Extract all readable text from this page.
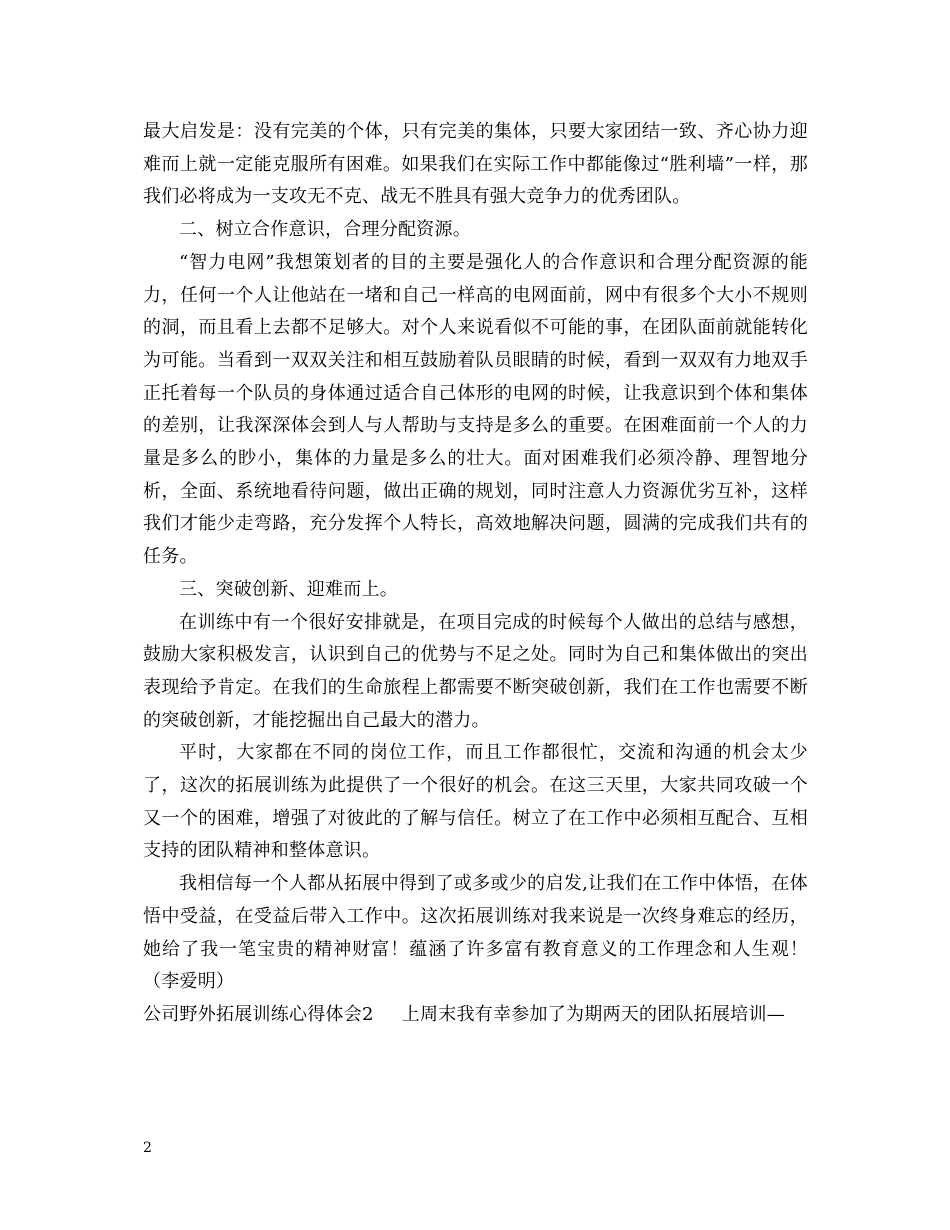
最大启发是：没有完美的个体，只有完美的集体，只要大家团结一致、齐心协力迎难而上就一定能克服所有困难。如果我们在实际工作中都能像过“胜利墙”一样，那我们必将成为一支攻无不克、战无不胜具有强大竞争力的优秀团队。

二、树立合作意识，合理分配资源。

“智力电网”我想策划者的目的主要是强化人的合作意识和合理分配资源的能力，任何一个人让他站在一堵和自己一样高的电网面前，网中有很多个大小不规则的洞，而且看上去都不足够大。对个人来说看似不可能的事，在团队面前就能转化为可能。当看到一双双关注和相互鼓励着队员眼睛的时候，看到一双双有力地双手正托着每一个队员的身体通过适合自己体形的电网的时候，让我意识到个体和集体的差别，让我深深体会到人与人帮助与支持是多么的重要。在困难面前一个人的力量是多么的眇小，集体的力量是多么的壮大。面对困难我们必须冷静、理智地分析，全面、系统地看待问题，做出正确的规划，同时注意人力资源优劣互补，这样我们才能少走弯路，充分发挥个人特长，高效地解决问题，圆满的完成我们共有的任务。

三、突破创新、迎难而上。

在训练中有一个很好安排就是，在项目完成的时候每个人做出的总结与感想，鼓励大家积极发言，认识到自己的优势与不足之处。同时为自己和集体做出的突出表现给予肯定。在我们的生命旅程上都需要不断突破创新，我们在工作也需要不断的突破创新，才能挖掘出自己最大的潜力。

平时，大家都在不同的岗位工作，而且工作都很忙，交流和沟通的机会太少了，这次的拓展训练为此提供了一个很好的机会。在这三天里，大家共同攻破一个又一个的困难，增强了对彼此的了解与信任。树立了在工作中必须相互配合、互相支持的团队精神和整体意识。

我相信每一个人都从拓展中得到了或多或少的启发,让我们在工作中体悟，在体悟中受益，在受益后带入工作中。这次拓展训练对我来说是一次终身难忘的经历，她给了我一笔宝贵的精神财富！蕴涵了许多富有教育意义的工作理念和人生观！（李爱明）

公司野外拓展训练心得体会2 上周末我有幸参加了为期两天的团队拓展培训—

2
